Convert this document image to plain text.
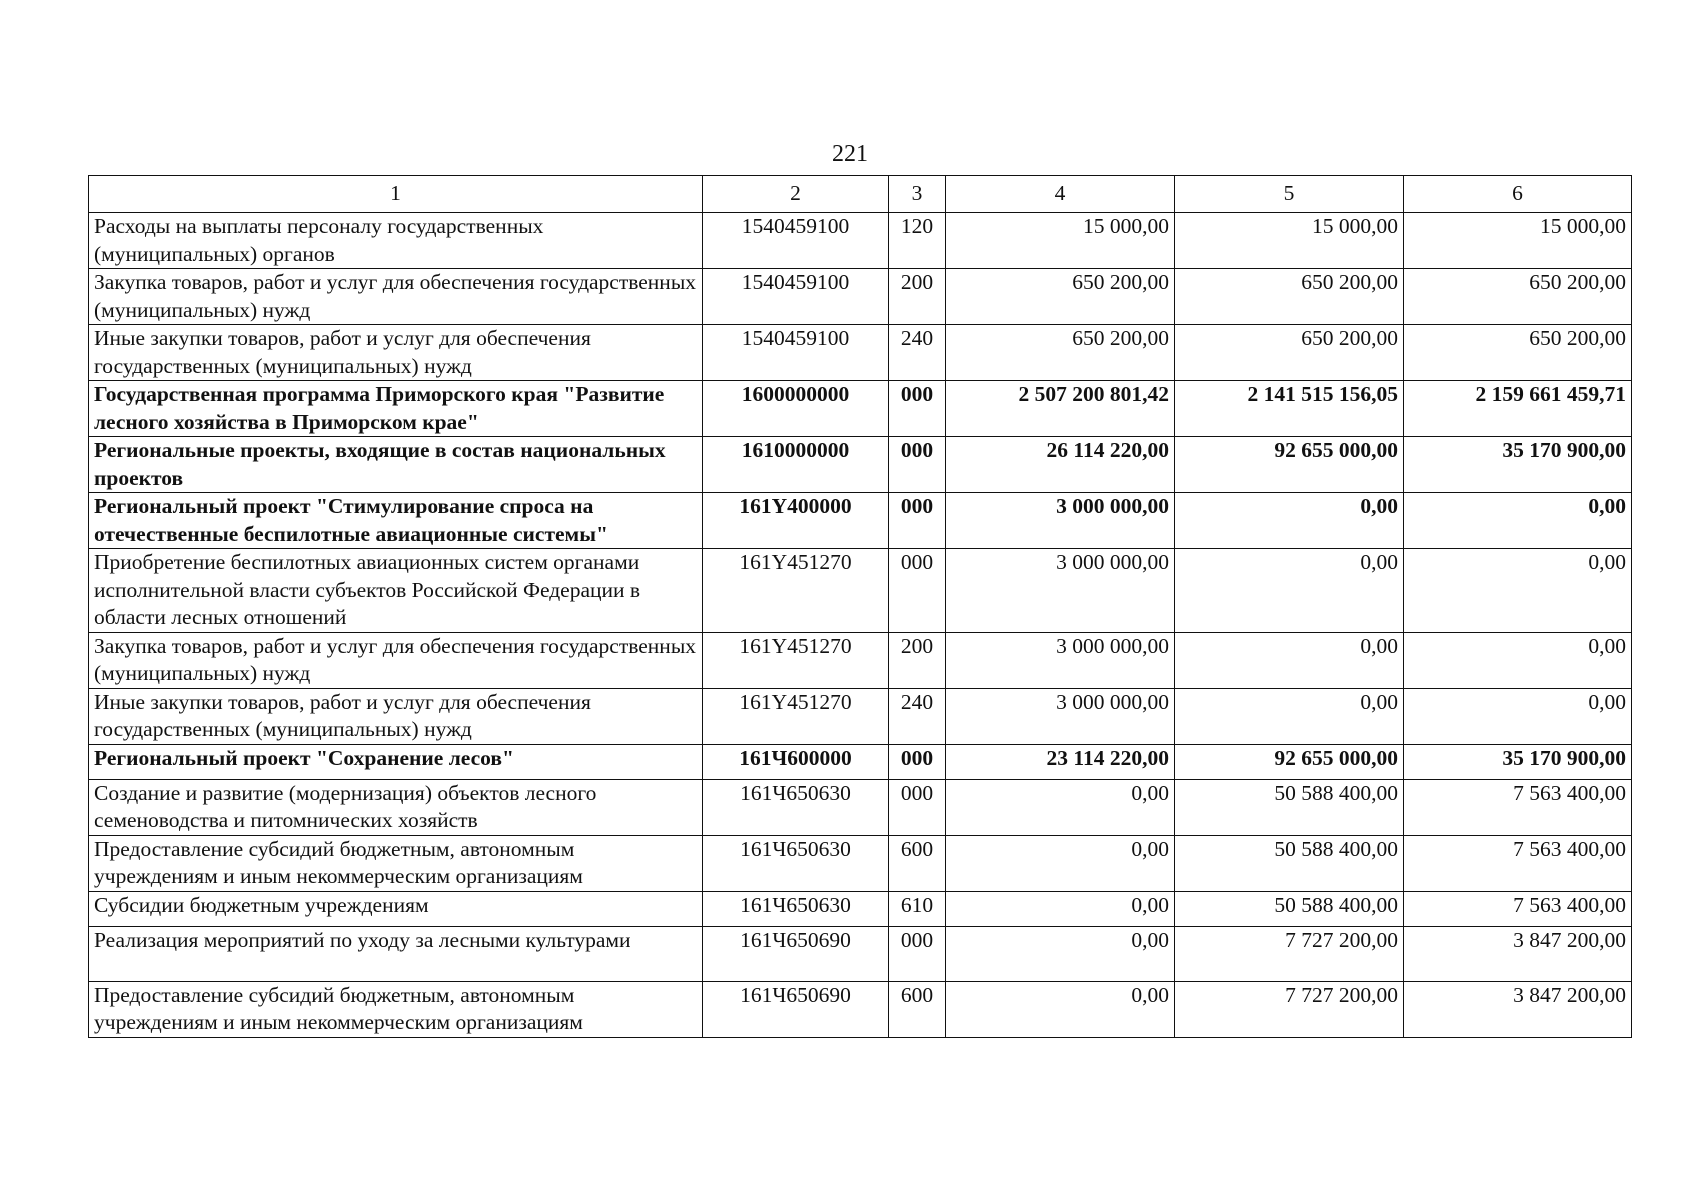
221
1	2	3	4	5	6
Расходы на выплаты персоналу государственных (муниципальных) органов	1540459100	120	15 000,00	15 000,00	15 000,00
Закупка товаров, работ и услуг для обеспечения государственных (муниципальных) нужд	1540459100	200	650 200,00	650 200,00	650 200,00
Иные закупки товаров, работ и услуг для обеспечения государственных (муниципальных) нужд	1540459100	240	650 200,00	650 200,00	650 200,00
Государственная программа Приморского края "Развитие лесного хозяйства в Приморском крае"	1600000000	000	2 507 200 801,42	2 141 515 156,05	2 159 661 459,71
Региональные проекты, входящие в состав национальных проектов	1610000000	000	26 114 220,00	92 655 000,00	35 170 900,00
Региональный проект "Стимулирование спроса на отечественные беспилотные авиационные системы"	161Y400000	000	3 000 000,00	0,00	0,00
Приобретение беспилотных авиационных систем органами исполнительной власти субъектов Российской Федерации в области лесных отношений	161Y451270	000	3 000 000,00	0,00	0,00
Закупка товаров, работ и услуг для обеспечения государственных (муниципальных) нужд	161Y451270	200	3 000 000,00	0,00	0,00
Иные закупки товаров, работ и услуг для обеспечения государственных (муниципальных) нужд	161Y451270	240	3 000 000,00	0,00	0,00
Региональный проект "Сохранение лесов"	161Ч600000	000	23 114 220,00	92 655 000,00	35 170 900,00
Создание и развитие (модернизация) объектов лесного семеноводства и питомнических хозяйств	161Ч650630	000	0,00	50 588 400,00	7 563 400,00
Предоставление субсидий бюджетным, автономным учреждениям и иным некоммерческим организациям	161Ч650630	600	0,00	50 588 400,00	7 563 400,00
Субсидии бюджетным учреждениям	161Ч650630	610	0,00	50 588 400,00	7 563 400,00
Реализация мероприятий по уходу за лесными культурами	161Ч650690	000	0,00	7 727 200,00	3 847 200,00
Предоставление субсидий бюджетным, автономным учреждениям и иным некоммерческим организациям	161Ч650690	600	0,00	7 727 200,00	3 847 200,00
